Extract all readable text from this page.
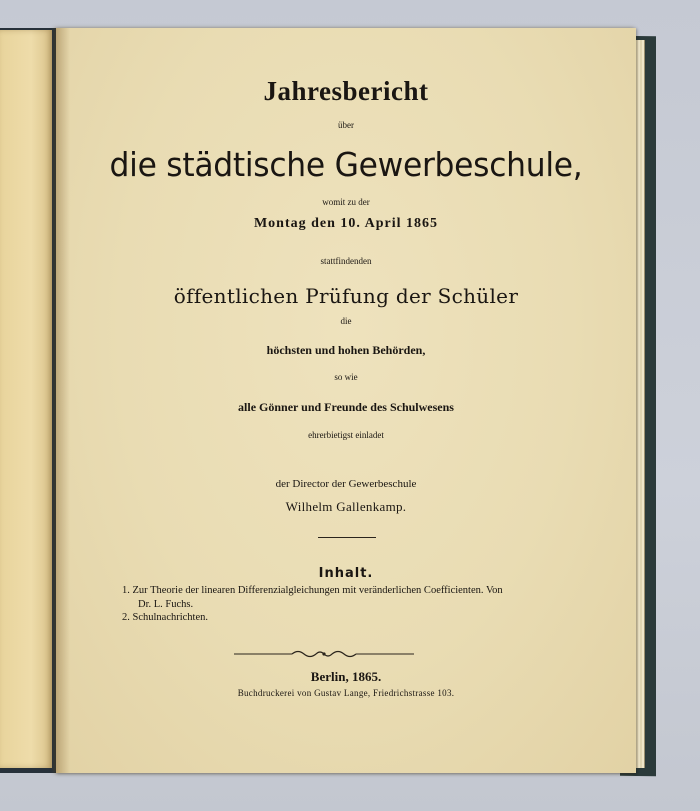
Jahresbericht

über

die städtische Gewerbeschule,

womit zu der

Montag den 10. April 1865

stattfindenden

öffentlichen Prüfung der Schüler

die

höchsten und hohen Behörden,

so wie

alle Gönner und Freunde des Schulwesens

ehrerbietigst einladet

der Director der Gewerbeschule

Wilhelm Gallenkamp.

Inhalt.

1. Zur Theorie der linearen Differenzialgleichungen mit veränderlichen Coefficienten. Von

Dr. L. Fuchs.

2. Schulnachrichten.

Berlin, 1865.

Buchdruckerei von Gustav Lange, Friedrichstrasse 103.
